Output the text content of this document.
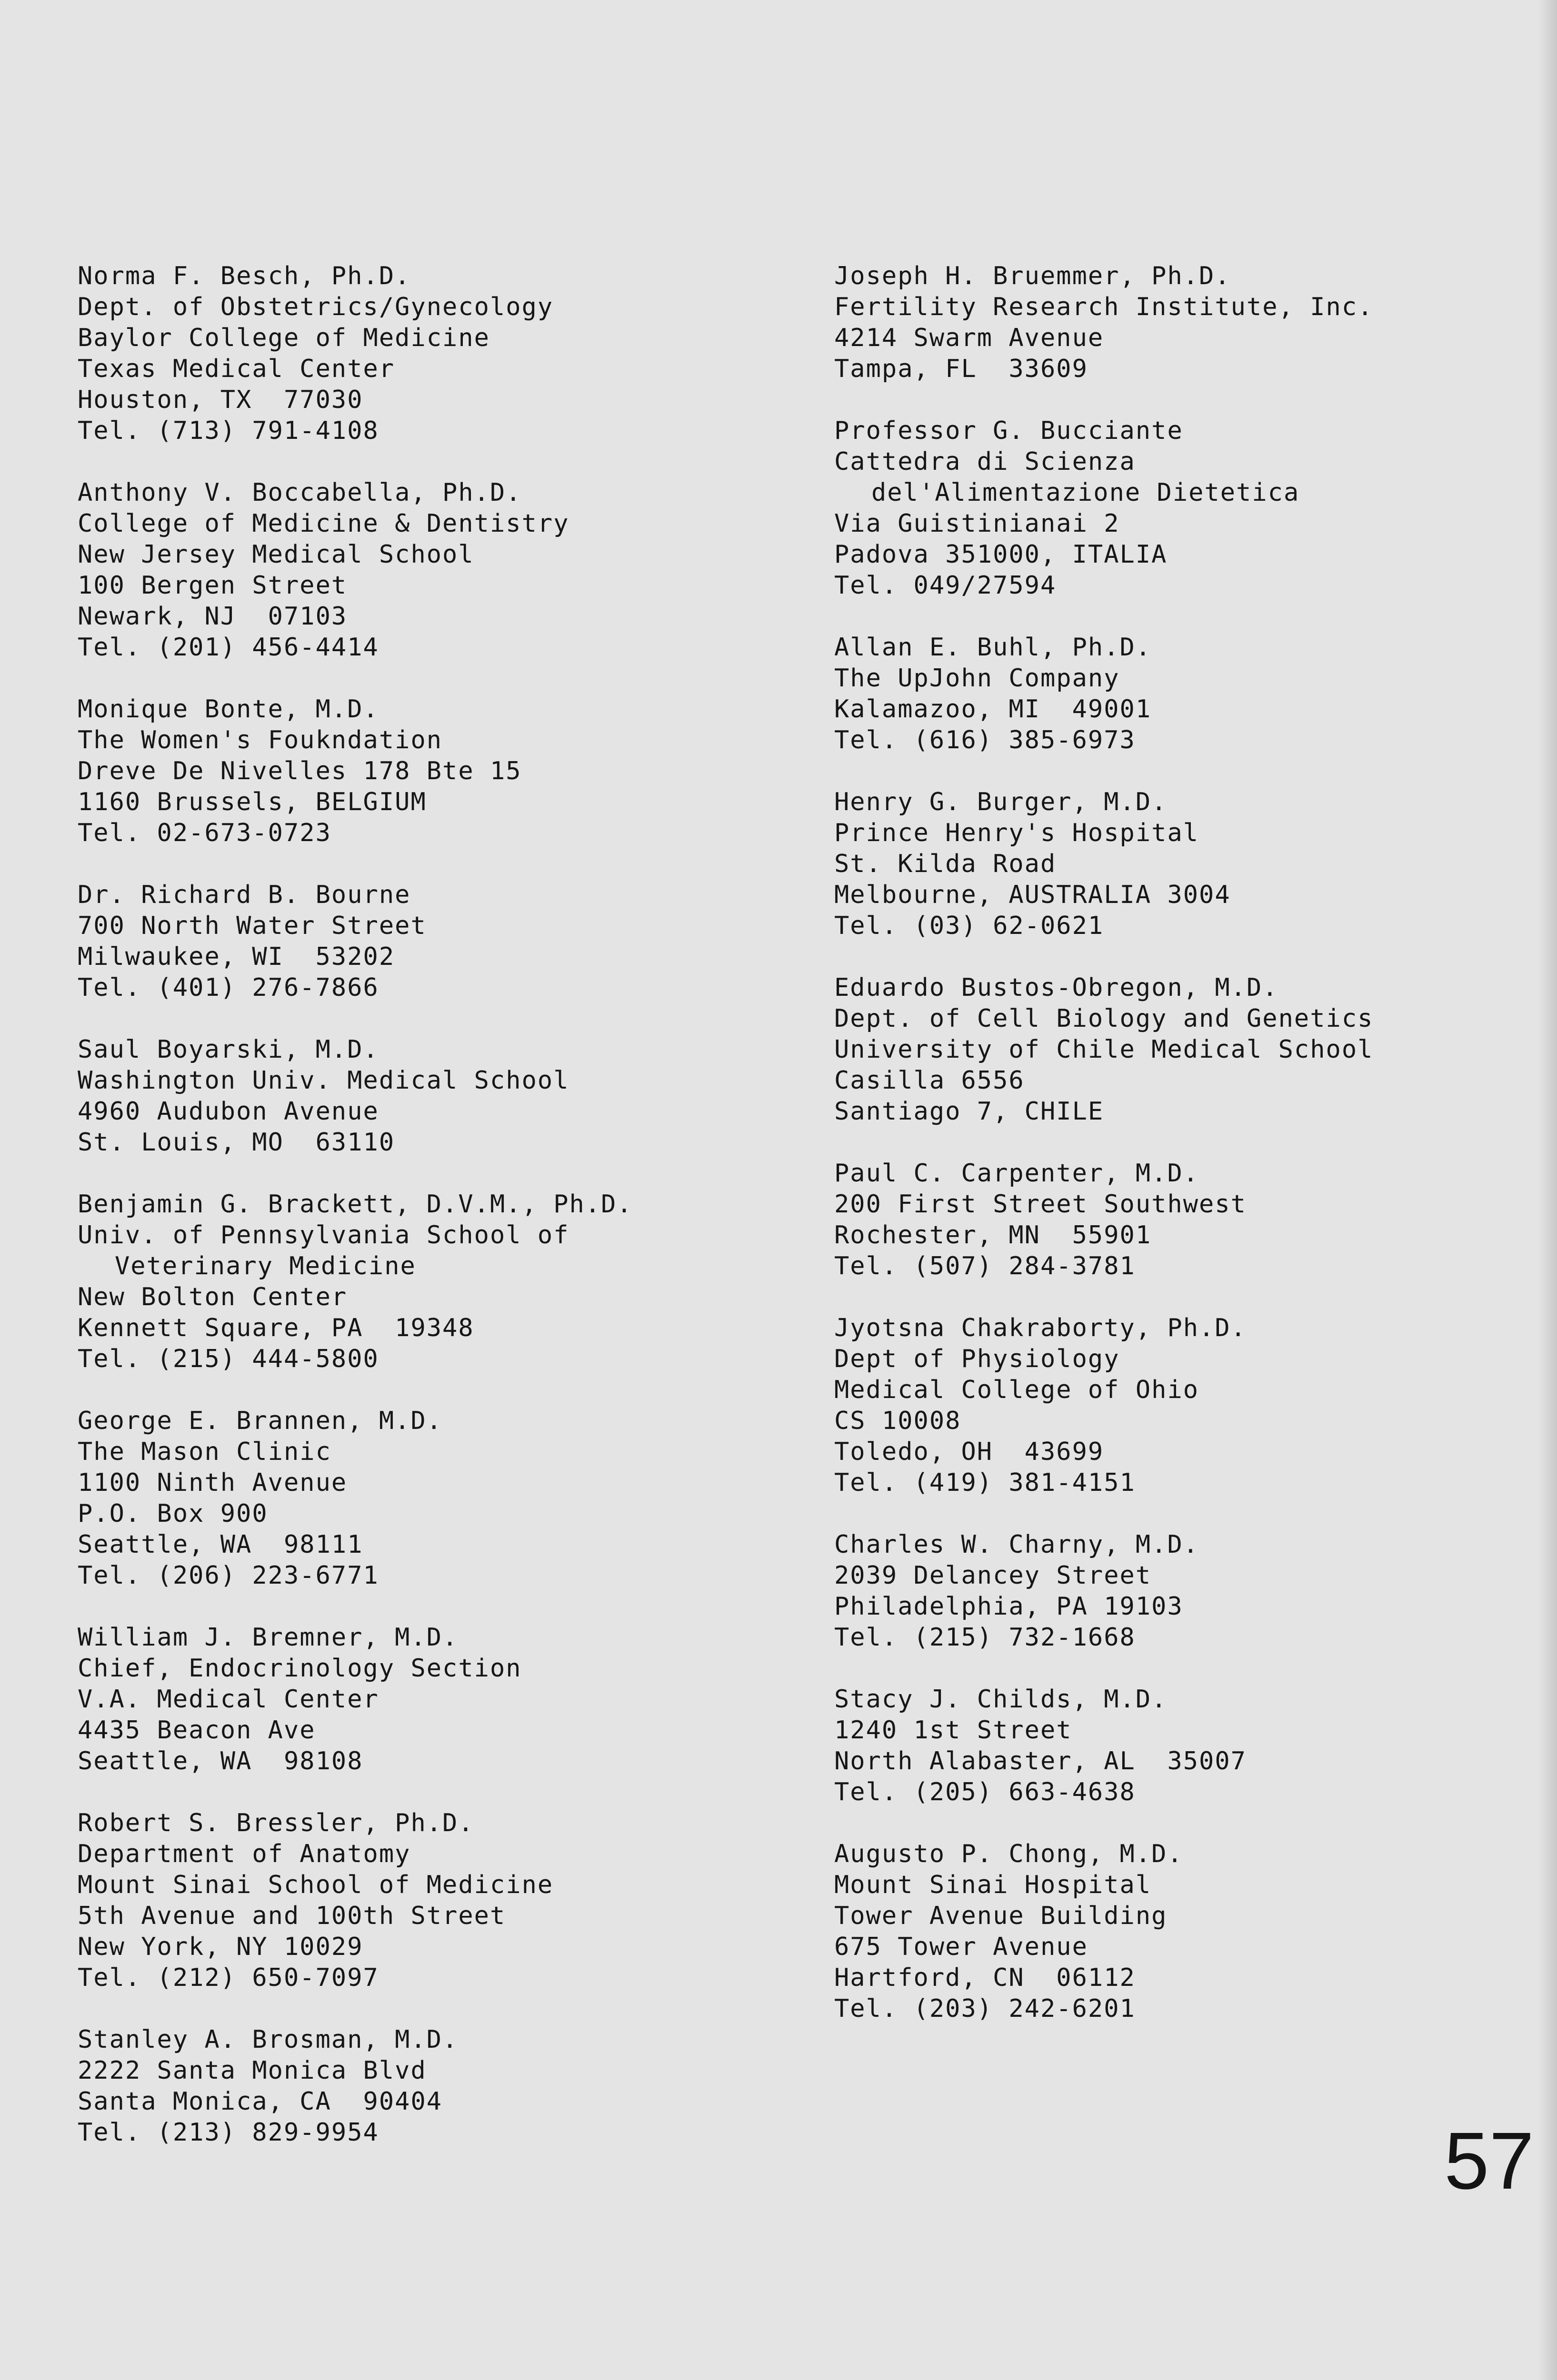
Norma F. Besch, Ph.D.
Dept. of Obstetrics/Gynecology
Baylor College of Medicine
Texas Medical Center
Houston, TX  77030
Tel. (713) 791-4108
Anthony V. Boccabella, Ph.D.
College of Medicine & Dentistry
New Jersey Medical School
100 Bergen Street
Newark, NJ  07103
Tel. (201) 456-4414
Monique Bonte, M.D.
The Women's Foukndation
Dreve De Nivelles 178 Bte 15
1160 Brussels, BELGIUM
Tel. 02-673-0723
Dr. Richard B. Bourne
700 North Water Street
Milwaukee, WI  53202
Tel. (401) 276-7866
Saul Boyarski, M.D.
Washington Univ. Medical School
4960 Audubon Avenue
St. Louis, MO  63110
Benjamin G. Brackett, D.V.M., Ph.D.
Univ. of Pennsylvania School of
Veterinary Medicine
New Bolton Center
Kennett Square, PA  19348
Tel. (215) 444-5800
George E. Brannen, M.D.
The Mason Clinic
1100 Ninth Avenue
P.O. Box 900
Seattle, WA  98111
Tel. (206) 223-6771
William J. Bremner, M.D.
Chief, Endocrinology Section
V.A. Medical Center
4435 Beacon Ave
Seattle, WA  98108
Robert S. Bressler, Ph.D.
Department of Anatomy
Mount Sinai School of Medicine
5th Avenue and 100th Street
New York, NY 10029
Tel. (212) 650-7097
Stanley A. Brosman, M.D.
2222 Santa Monica Blvd
Santa Monica, CA  90404
Tel. (213) 829-9954
Joseph H. Bruemmer, Ph.D.
Fertility Research Institute, Inc.
4214 Swarm Avenue
Tampa, FL  33609
Professor G. Bucciante
Cattedra di Scienza
del'Alimentazione Dietetica
Via Guistinianai 2
Padova 351000, ITALIA
Tel. 049/27594
Allan E. Buhl, Ph.D.
The UpJohn Company
Kalamazoo, MI  49001
Tel. (616) 385-6973
Henry G. Burger, M.D.
Prince Henry's Hospital
St. Kilda Road
Melbourne, AUSTRALIA 3004
Tel. (03) 62-0621
Eduardo Bustos-Obregon, M.D.
Dept. of Cell Biology and Genetics
University of Chile Medical School
Casilla 6556
Santiago 7, CHILE
Paul C. Carpenter, M.D.
200 First Street Southwest
Rochester, MN  55901
Tel. (507) 284-3781
Jyotsna Chakraborty, Ph.D.
Dept of Physiology
Medical College of Ohio
CS 10008
Toledo, OH  43699
Tel. (419) 381-4151
Charles W. Charny, M.D.
2039 Delancey Street
Philadelphia, PA 19103
Tel. (215) 732-1668
Stacy J. Childs, M.D.
1240 1st Street
North Alabaster, AL  35007
Tel. (205) 663-4638
Augusto P. Chong, M.D.
Mount Sinai Hospital
Tower Avenue Building
675 Tower Avenue
Hartford, CN  06112
Tel. (203) 242-6201
57
